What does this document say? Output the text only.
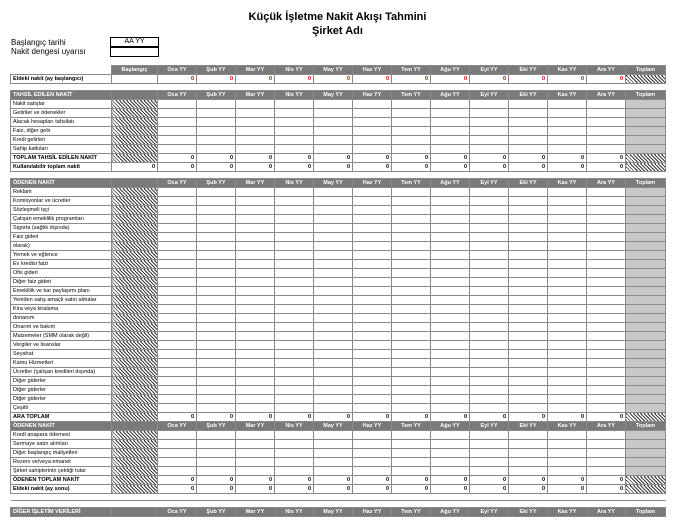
Küçük İşletme Nakit Akışı Tahmini
Şirket Adı
Başlangıç tarihi	AA YY
Nakit dengesi uyarısı
	Başlangıç	Oca YY	Şub YY	Mar YY	Nis YY	May YY	Haz YY	Tem YY	Ağu YY	Eyl YY	Eki YY	Kas YY	Ara YY	Toplam
Eldeki nakit (ay başlangıcı)		0	0	0	0	0	0	0	0	0	0	0	0	

TAHSİL EDİLEN NAKİT		Oca YY	Şub YY	Mar YY	Nis YY	May YY	Haz YY	Tem YY	Ağu YY	Eyl YY	Eki YY	Kas YY	Ara YY	Toplam
Nakit satışlar														
Getiriler ve ödenekler														
Alacak hesapları tahsilatı														
Faiz, diğer gelir														
Kredi gelirleri														
Sahip katkıları														
TOPLAM TAHSİL EDİLEN NAKİT		0	0	0	0	0	0	0	0	0	0	0	0	
Kullanılabilir toplam nakit	0	0	0	0	0	0	0	0	0	0	0	0	0	

ÖDENEN NAKİT		Oca YY	Şub YY	Mar YY	Nis YY	May YY	Haz YY	Tem YY	Ağu YY	Eyl YY	Eki YY	Kas YY	Ara YY	Toplam
Reklam														
Komisyonlar ve ücretler														
Sözleşmeli işçi														
Çalışan emeklilik programları														
Sigorta (sağlık dışında)														
Faiz gideri														
olarak)														
Yemek ve eğlence														
Ev kredisi faizi														
Ofis gideri														
Diğer faiz gideri														
Emeklilik ve kar paylaşımı planı														
Yeniden satış amaçlı satın almalar														
Kira veya kiralama														
donanım														
Onarım ve bakım														
Malzemeler (SMM olarak değil)														
Vergiler ve lisanslar														
Seyahat														
Kamu Hizmetleri														
Ücretler (çalışan kredileri dışında)														
Diğer giderler														
Diğer giderler														
Diğer giderler														
Çeşitli														
ARA TOPLAM		0	0	0	0	0	0	0	0	0	0	0	0	
ÖDENEN NAKİT		Oca YY	Şub YY	Mar YY	Nis YY	May YY	Haz YY	Tem YY	Ağu YY	Eyl YY	Eki YY	Kas YY	Ara YY	Toplam
Kredi anapara ödemesi														
Sermaye satın alımları														
Diğer başlangıç maliyetleri														
Rezerv ve/veya emanet														
Şirket sahiplerinin çektiği tutar														
ÖDENEN TOPLAM NAKİT		0	0	0	0	0	0	0	0	0	0	0	0	
Eldeki nakit (ay sonu)		0	0	0	0	0	0	0	0	0	0	0	0	

DİĞER İŞLETİM VERİLERİ		Oca YY	Şub YY	Mar YY	Nis YY	May YY	Haz YY	Tem YY	Ağu YY	Eyl YY	Eki YY	Kas YY	Ara YY	Toplam
